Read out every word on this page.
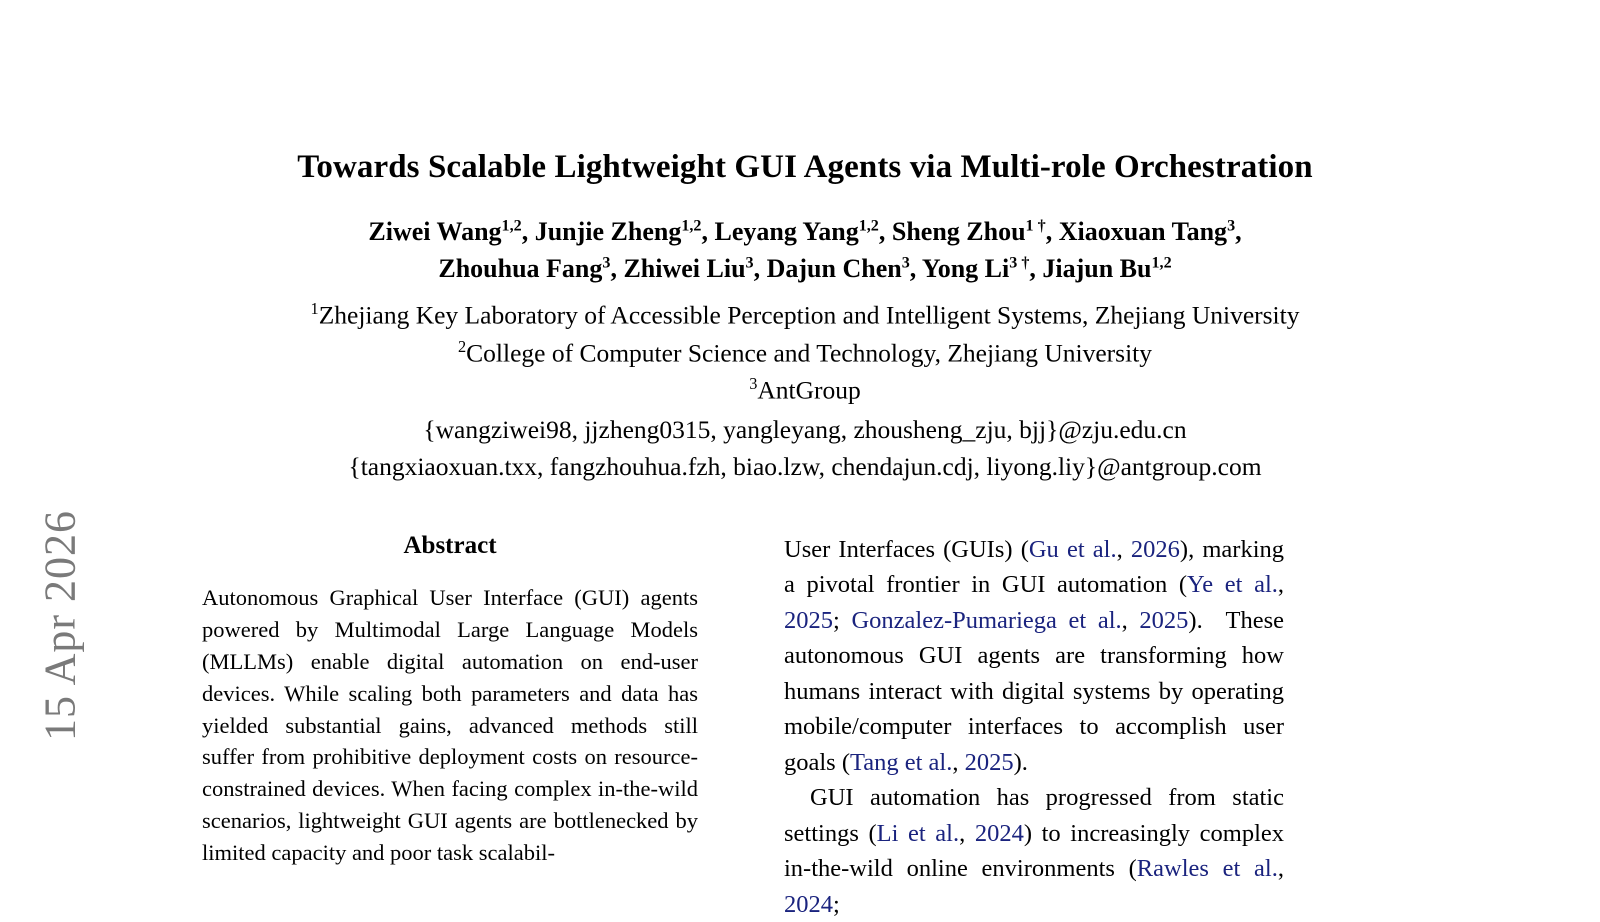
15 Apr 2026
Towards Scalable Lightweight GUI Agents via Multi-role Orchestration
Ziwei Wang$^{1,2}$, Junjie Zheng$^{1,2}$, Leyang Yang$^{1,2}$, Sheng Zhou$^{1 \dagger}$, Xiaoxuan Tang$^3$,
Zhouhua Fang$^3$, Zhiwei Liu$^3$, Dajun Chen$^3$, Yong $Li^{3 \dagger}$, Jiajun Bu$^{1,2}$
$^1$Zhejiang Key Laboratory of Accessible Perception and Intelligent Systems, Zhejiang University
$^2$College of Computer Science and Technology, Zhejiang University
$^3$AntGroup
{wangziwei98, jjzheng0315, yangleyang, zhousheng_zju, bjj}@zju.edu.cn
{tangxiaoxuan.txx, fangzhouhua.fzh, biao.lzw, chendajun.cdj, liyong.liy}@antgroup.com
Abstract
Autonomous Graphical User Interface (GUI) agents powered by Multimodal Large Language Models (MLLMs) enable digital automation on end-user devices. While scaling both parameters and data has yielded substantial gains, advanced methods still suffer from prohibitive deployment costs on resource-constrained devices. When facing complex in-the-wild scenarios, lightweight GUI agents are bottlenecked by limited capacity and poor task scalabil-

User Interfaces (GUIs) (Gu et al., 2026), marking a pivotal frontier in GUI automation (Ye et al., 2025; Gonzalez-Pumariega et al., 2025).  These autonomous GUI agents are transforming how humans interact with digital systems by operating mobile/computer interfaces to accomplish user goals (Tang et al., 2025).

GUI automation has progressed from static settings (Li et al., 2024) to increasingly complex in-the-wild online environments (Rawles et al., 2024;
